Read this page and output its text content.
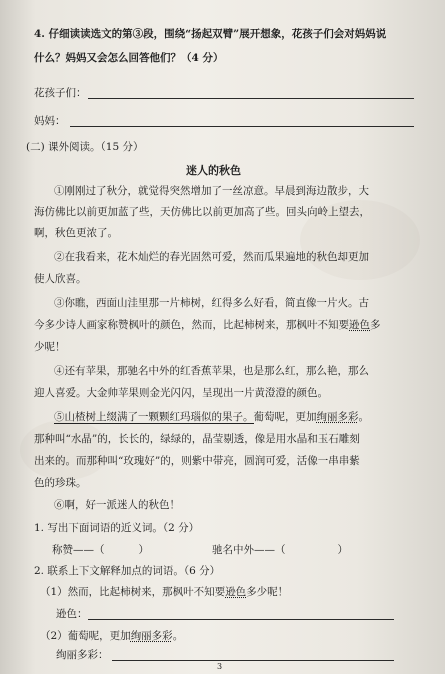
4. 仔细读读选文的第③段，围绕“扬起双臂”展开想象，花孩子们会对妈妈说
什么？妈妈又会怎么回答他们？（4 分）
花孩子们：
妈妈：
(二) 课外阅读。（15 分）
迷人的秋色
①刚刚过了秋分，就觉得突然增加了一丝凉意。早晨到海边散步，大
海仿佛比以前更加蓝了些，天仿佛比以前更加高了些。回头向岭上望去，
啊，秋色更浓了。
②在我看来，花木灿烂的春光固然可爱，然而瓜果遍地的秋色却更加
使人欣喜。
③你瞧，西面山洼里那一片柿树，红得多么好看，简直像一片火。古
今多少诗人画家称赞枫叶的颜色，然而，比起柿树来，那枫叶不知要逊色多
少呢！
④还有苹果，那驰名中外的红香蕉苹果，也是那么红，那么艳，那么
迎人喜爱。大金帅苹果则金光闪闪，呈现出一片黄澄澄的颜色。
⑤山楂树上缀满了一颗颗红玛瑙似的果子。葡萄呢，更加绚丽多彩。
那种叫“水晶”的，长长的，绿绿的，晶莹剔透，像是用水晶和玉石雕刻
出来的。而那种叫“玫瑰好”的，则紫中带亮，圆润可爱，活像一串串紫
色的珍珠。
⑥啊，好一派迷人的秋色！
1. 写出下面词语的近义词。（2 分）
称赞——（	）	驰名中外——（	）
2. 联系上下文解释加点的词语。（6 分）
（1）然而，比起柿树来，那枫叶不知要逊色多少呢！
逊色：
（2）葡萄呢，更加绚丽多彩。
绚丽多彩：
3
